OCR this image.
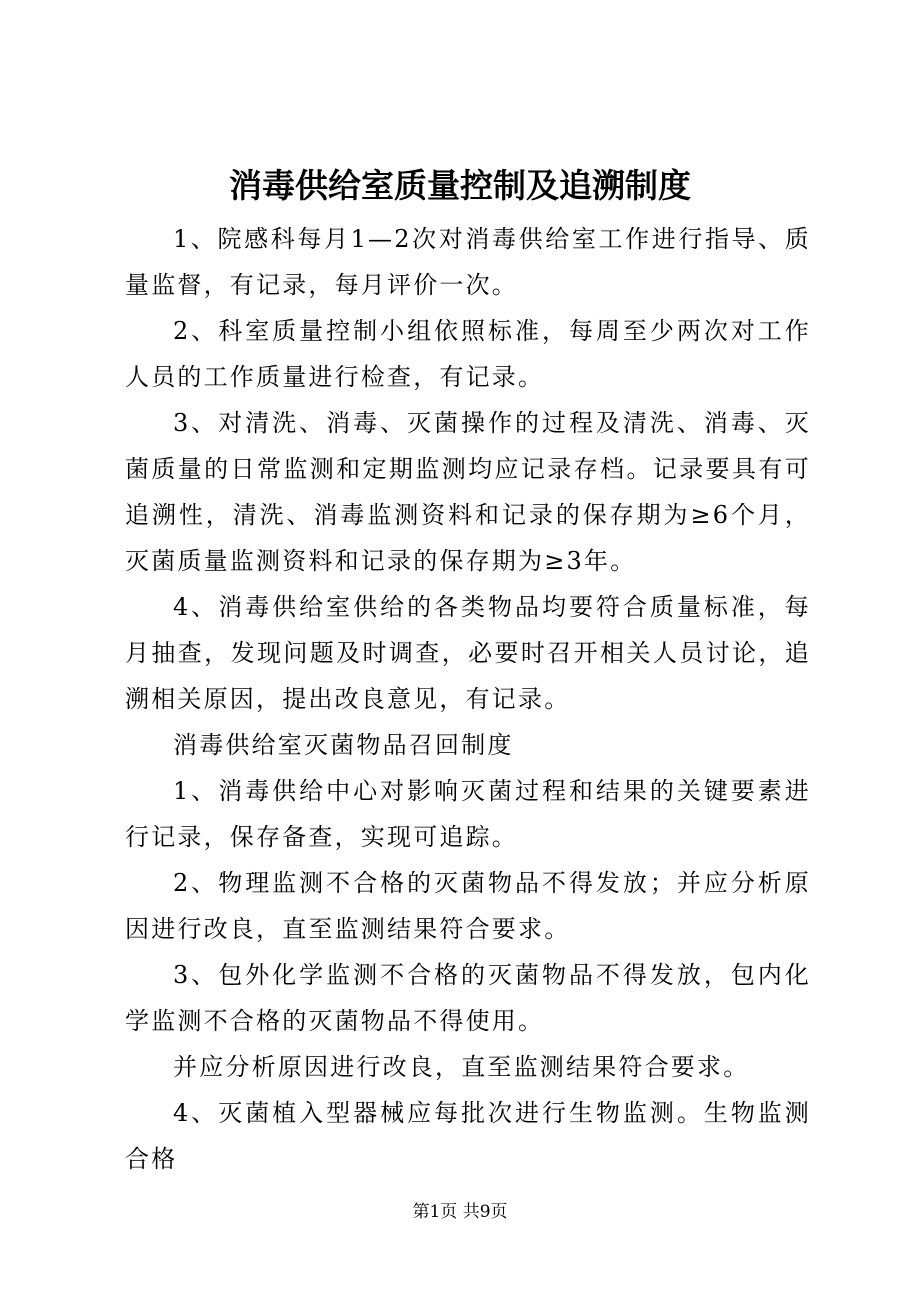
消毒供给室质量控制及追溯制度

1、院感科每月1—2次对消毒供给室工作进行指导、质量监督，有记录，每月评价一次。

2、科室质量控制小组依照标准，每周至少两次对工作人员的工作质量进行检查，有记录。

3、对清洗、消毒、灭菌操作的过程及清洗、消毒、灭菌质量的日常监测和定期监测均应记录存档。记录要具有可追溯性，清洗、消毒监测资料和记录的保存期为≥6个月，灭菌质量监测资料和记录的保存期为≥3年。

4、消毒供给室供给的各类物品均要符合质量标准，每月抽查，发现问题及时调查，必要时召开相关人员讨论，追溯相关原因，提出改良意见，有记录。

消毒供给室灭菌物品召回制度

1、消毒供给中心对影响灭菌过程和结果的关键要素进行记录，保存备查，实现可追踪。

2、物理监测不合格的灭菌物品不得发放；并应分析原因进行改良，直至监测结果符合要求。

3、包外化学监测不合格的灭菌物品不得发放，包内化学监测不合格的灭菌物品不得使用。

并应分析原因进行改良，直至监测结果符合要求。

4、灭菌植入型器械应每批次进行生物监测。生物监测合格

第1页 共9页
